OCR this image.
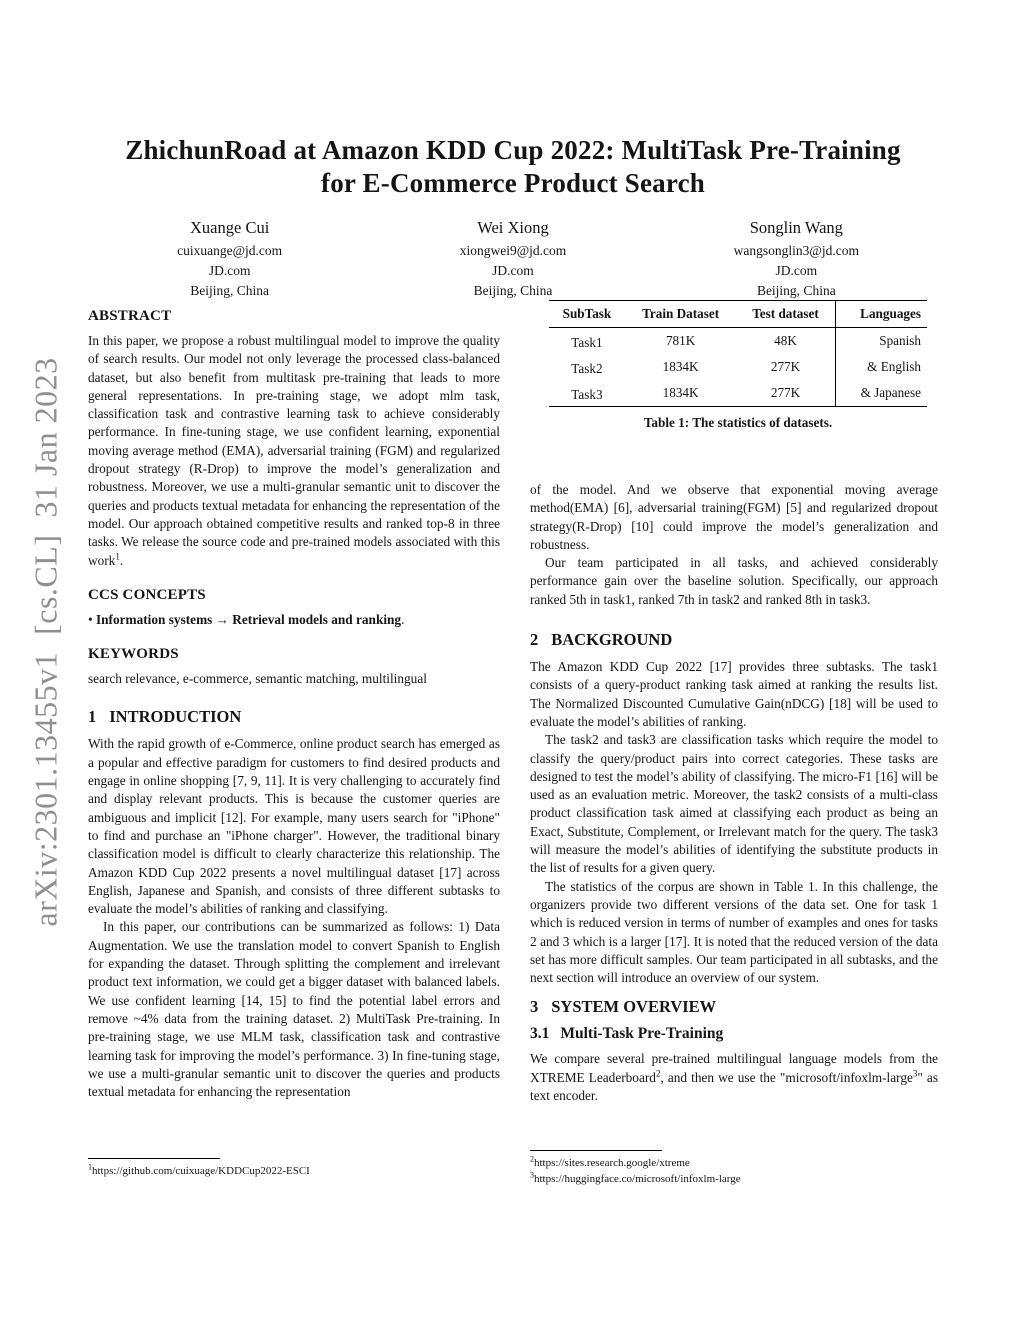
arXiv:2301.13455v1  [cs.CL]  31 Jan 2023
ZhichunRoad at Amazon KDD Cup 2022: MultiTask Pre-Training
for E-Commerce Product Search
Xuange Cui
cuixuange@jd.com
JD.com
Beijing, China
Wei Xiong
xiongwei9@jd.com
JD.com
Beijing, China
Songlin Wang
wangsonglin3@jd.com
JD.com
Beijing, China
ABSTRACT

In this paper, we propose a robust multilingual model to improve the quality of search results. Our model not only leverage the processed class-balanced dataset, but also benefit from multitask pre-training that leads to more general representations. In pre-training stage, we adopt mlm task, classification task and contrastive learning task to achieve considerably performance. In fine-tuning stage, we use confident learning, exponential moving average method (EMA), adversarial training (FGM) and regularized dropout strategy (R-Drop) to improve the model’s generalization and robustness. Moreover, we use a multi-granular semantic unit to discover the queries and products textual metadata for enhancing the representation of the model. Our approach obtained competitive results and ranked top-8 in three tasks. We release the source code and pre-trained models associated with this work$^1$.

CCS CONCEPTS

• Information systems → Retrieval models and ranking.

KEYWORDS

search relevance, e-commerce, semantic matching, multilingual

1 INTRODUCTION

With the rapid growth of e-Commerce, online product search has emerged as a popular and effective paradigm for customers to find desired products and engage in online shopping [7, 9, 11]. It is very challenging to accurately find and display relevant products. This is because the customer queries are ambiguous and implicit [12]. For example, many users search for "iPhone" to find and purchase an "iPhone charger". However, the traditional binary classification model is difficult to clearly characterize this relationship. The Amazon KDD Cup 2022 presents a novel multilingual dataset [17] across English, Japanese and Spanish, and consists of three different subtasks to evaluate the model’s abilities of ranking and classifying.

In this paper, our contributions can be summarized as follows: 1) Data Augmentation. We use the translation model to convert Spanish to English for expanding the dataset. Through splitting the complement and irrelevant product text information, we could get a bigger dataset with balanced labels. We use confident learning [14, 15] to find the potential label errors and remove ~4% data from the training dataset. 2) MultiTask Pre-training. In pre-training stage, we use MLM task, classification task and contrastive learning task for improving the model’s performance. 3) In fine-tuning stage, we use a multi-granular semantic unit to discover the queries and products textual metadata for enhancing the representation

SubTask	Train Dataset	Test dataset	Languages
Task1	781K	48K	Spanish
Task2	1834K	277K	& English
Task3	1834K	277K	& Japanese
Table 1: The statistics of datasets.

of the model. And we observe that exponential moving average method(EMA) [6], adversarial training(FGM) [5] and regularized dropout strategy(R-Drop) [10] could improve the model’s generalization and robustness.

Our team participated in all tasks, and achieved considerably performance gain over the baseline solution. Specifically, our approach ranked 5th in task1, ranked 7th in task2 and ranked 8th in task3.

2 BACKGROUND

The Amazon KDD Cup 2022 [17] provides three subtasks. The task1 consists of a query-product ranking task aimed at ranking the results list. The Normalized Discounted Cumulative Gain(nDCG) [18] will be used to evaluate the model’s abilities of ranking.

The task2 and task3 are classification tasks which require the model to classify the query/product pairs into correct categories. These tasks are designed to test the model’s ability of classifying. The micro-F1 [16] will be used as an evaluation metric. Moreover, the task2 consists of a multi-class product classification task aimed at classifying each product as being an Exact, Substitute, Complement, or Irrelevant match for the query. The task3 will measure the model’s abilities of identifying the substitute products in the list of results for a given query.

The statistics of the corpus are shown in Table 1. In this challenge, the organizers provide two different versions of the data set. One for task 1 which is reduced version in terms of number of examples and ones for tasks 2 and 3 which is a larger [17]. It is noted that the reduced version of the data set has more difficult samples. Our team participated in all subtasks, and the next section will introduce an overview of our system.

3 SYSTEM OVERVIEW
3.1 Multi-Task Pre-Training

We compare several pre-trained multilingual language models from the XTREME Leaderboard$^2$, and then we use the "microsoft/infoxlm-large$^3$" as text encoder.

$^1$https://github.com/cuixuage/KDDCup2022-ESCI
$^2$https://sites.research.google/xtreme
$^3$https://huggingface.co/microsoft/infoxlm-large
